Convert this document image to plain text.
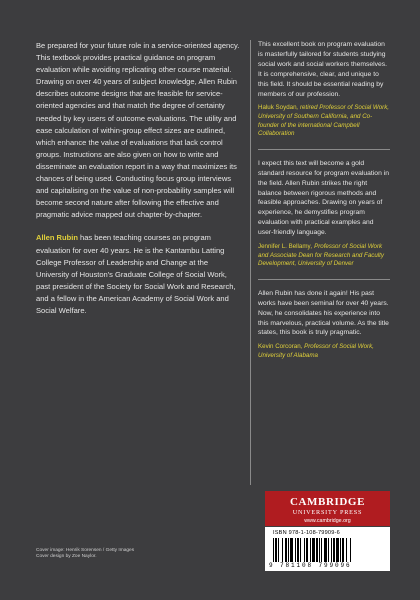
Be prepared for your future role in a service-oriented agency. This textbook provides practical guidance on program evaluation while avoiding replicating other course material. Drawing on over 40 years of subject knowledge, Allen Rubin describes outcome designs that are feasible for service-oriented agencies and that match the degree of certainty needed by key users of outcome evaluations. The utility and ease calculation of within-group effect sizes are outlined, which enhance the value of evaluations that lack control groups. Instructions are also given on how to write and disseminate an evaluation report in a way that maximizes its chances of being used. Conducting focus group interviews and capitalising on the value of non-probability samples will become second nature after following the effective and pragmatic advice mapped out chapter-by-chapter.

Allen Rubin has been teaching courses on program evaluation for over 40 years. He is the Kantambu Latting College Professor of Leadership and Change at the University of Houston's Graduate College of Social Work, past president of the Society for Social Work and Research, and a fellow in the American Academy of Social Work and Social Welfare.

This excellent book on program evaluation is masterfully tailored for students studying social work and social workers themselves. It is comprehensive, clear, and unique to this field. It should be essential reading by members of our profession.

Haluk Soydan, retired Professor of Social Work, University of Southern California, and Co-founder of the international Campbell Collaboration

I expect this text will become a gold standard resource for program evaluation in the field. Allen Rubin strikes the right balance between rigorous methods and feasible approaches. Drawing on years of experience, he demystifies program evaluation with practical examples and user-friendly language.

Jennifer L. Bellamy, Professor of Social Work and Associate Dean for Research and Faculty Development, University of Denver

Allen Rubin has done it again! His past works have been seminal for over 40 years. Now, he consolidates his experience into this marvelous, practical volume. As the title states, this book is truly pragmatic.

Kevin Corcoran, Professor of Social Work, University of Alabama
Cover image: Henrik Sorensen / Getty Images
Cover design by Zoe Naylor.
CAMBRIDGE
UNIVERSITY PRESS
www.cambridge.org
ISBN 978-1-108-79909-6
9 781108 799096
